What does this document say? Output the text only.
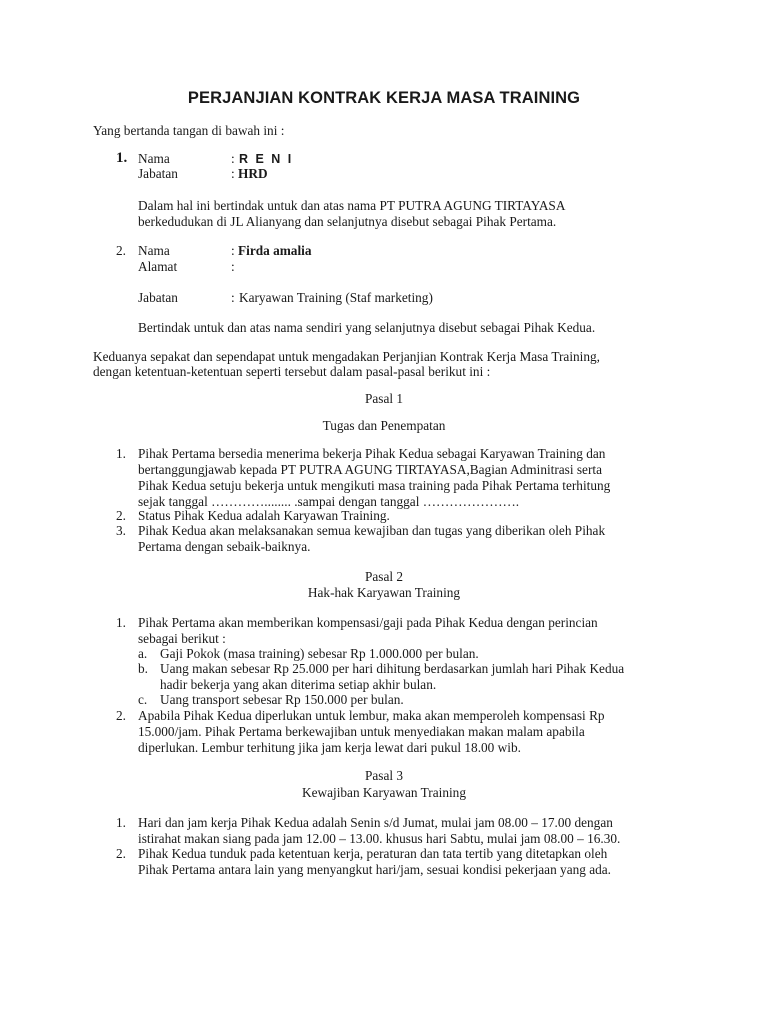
PERJANJIAN KONTRAK KERJA MASA TRAINING
Yang bertanda tangan di bawah ini :
1. Nama	: R E N I
Jabatan	: HRD
Dalam hal ini bertindak untuk dan atas nama PT PUTRA AGUNG TIRTAYASA
berkedudukan di JL Alianyang dan selanjutnya disebut sebagai Pihak Pertama.
2. Nama	: Firda amalia
Alamat	:
Jabatan	: Karyawan Training (Staf marketing)
Bertindak untuk dan atas nama sendiri yang selanjutnya disebut sebagai Pihak Kedua.
Keduanya sepakat dan sependapat untuk mengadakan Perjanjian Kontrak Kerja Masa Training,
dengan ketentuan-ketentuan seperti tersebut dalam pasal-pasal berikut ini :
Pasal 1
Tugas dan Penempatan
1. Pihak Pertama bersedia menerima bekerja Pihak Kedua sebagai Karyawan Training dan
bertanggungjawab kepada PT PUTRA AGUNG TIRTAYASA,Bagian Adminitrasi serta
Pihak Kedua setuju bekerja untuk mengikuti masa training pada Pihak Pertama terhitung
sejak tanggal …………........ .sampai dengan tanggal ………………….
2. Status Pihak Kedua adalah Karyawan Training.
3. Pihak Kedua akan melaksanakan semua kewajiban dan tugas yang diberikan oleh Pihak
Pertama dengan sebaik-baiknya.
Pasal 2
Hak-hak Karyawan Training
1. Pihak Pertama akan memberikan kompensasi/gaji pada Pihak Kedua dengan perincian
sebagai berikut :
a. Gaji Pokok (masa training) sebesar Rp 1.000.000 per bulan.
b. Uang makan sebesar Rp 25.000 per hari dihitung berdasarkan jumlah hari Pihak Kedua
hadir bekerja yang akan diterima setiap akhir bulan.
c. Uang transport sebesar Rp 150.000 per bulan.
2. Apabila Pihak Kedua diperlukan untuk lembur, maka akan memperoleh kompensasi Rp
15.000/jam. Pihak Pertama berkewajiban untuk menyediakan makan malam apabila
diperlukan. Lembur terhitung jika jam kerja lewat dari pukul 18.00 wib.
Pasal 3
Kewajiban Karyawan Training
1. Hari dan jam kerja Pihak Kedua adalah Senin s/d Jumat, mulai jam 08.00 – 17.00 dengan
istirahat makan siang pada jam 12.00 – 13.00. khusus hari Sabtu, mulai jam 08.00 – 16.30.
2. Pihak Kedua tunduk pada ketentuan kerja, peraturan dan tata tertib yang ditetapkan oleh
Pihak Pertama antara lain yang menyangkut hari/jam, sesuai kondisi pekerjaan yang ada.
